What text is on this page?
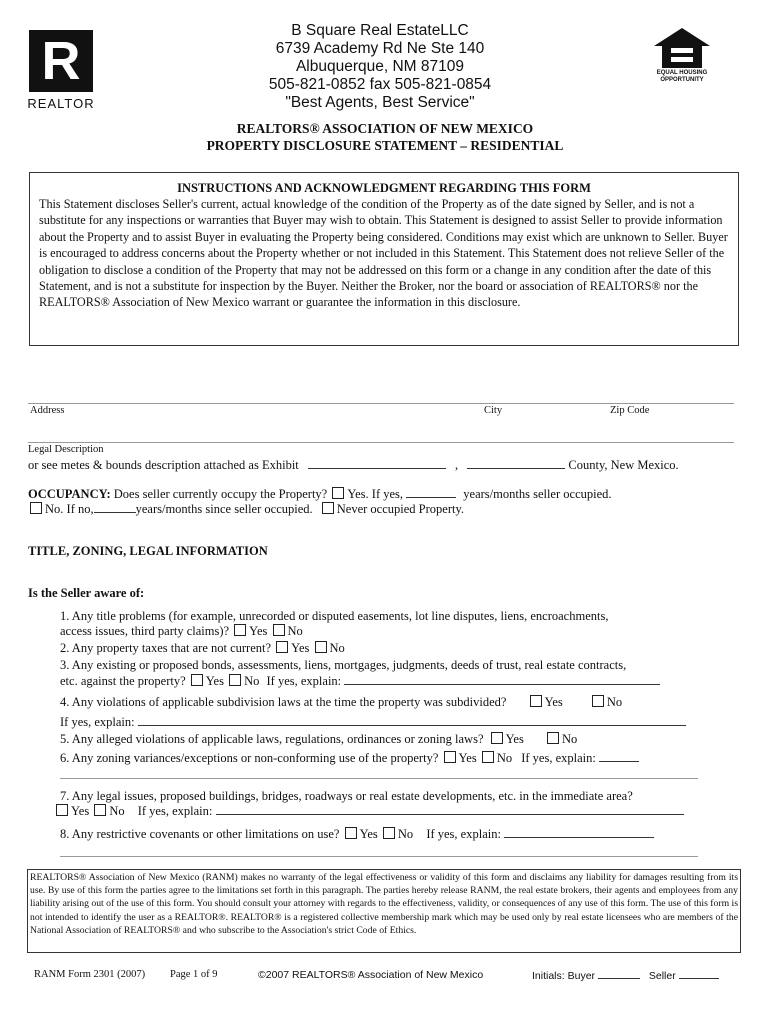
R
REALTOR
EQUAL HOUSING OPPORTUNITY
B Square Real EstateLLC
6739 Academy Rd Ne Ste 140
Albuquerque, NM 87109
505-821-0852 fax 505-821-0854
"Best Agents, Best Service"
REALTORS® ASSOCIATION OF NEW MEXICO
PROPERTY DISCLOSURE STATEMENT – RESIDENTIAL
INSTRUCTIONS AND ACKNOWLEDGMENT REGARDING THIS FORM
This Statement discloses Seller's current, actual knowledge of the condition of the Property as of the date signed by Seller, and is not a substitute for any inspections or warranties that Buyer may wish to obtain. This Statement is designed to assist Seller to provide information about the Property and to assist Buyer in evaluating the Property being considered. Conditions may exist which are unknown to Seller. Buyer is encouraged to address concerns about the Property whether or not included in this Statement. This Statement does not relieve Seller of the obligation to disclose a condition of the Property that may not be addressed on this form or a change in any condition after the date of this Statement, and is not a substitute for inspection by the Buyer. Neither the Broker, nor the board or association of REALTORS® nor the REALTORS® Association of New Mexico warrant or guarantee the information in this disclosure.
Address	City	Zip Code
Legal Description
or see metes & bounds description attached as Exhibit	,	County, New Mexico.
OCCUPANCY: Does seller currently occupy the Property? Yes. If yes,	years/months seller occupied.
No. If no,	years/months since seller occupied. Never occupied Property.
TITLE, ZONING, LEGAL INFORMATION
Is the Seller aware of:
1. Any title problems (for example, unrecorded or disputed easements, lot line disputes, liens, encroachments,
access issues, third party claims)? Yes No
2. Any property taxes that are not current? Yes No
3. Any existing or proposed bonds, assessments, liens, mortgages, judgments, deeds of trust, real estate contracts,
etc. against the property? Yes No If yes, explain:
4. Any violations of applicable subdivision laws at the time the property was subdivided?	Yes	No
If yes, explain:
5. Any alleged violations of applicable laws, regulations, ordinances or zoning laws? Yes	No
6. Any zoning variances/exceptions or non-conforming use of the property? Yes No If yes, explain:
7. Any legal issues, proposed buildings, bridges, roadways or real estate developments, etc. in the immediate area?
Yes No If yes, explain:
8. Any restrictive covenants or other limitations on use? Yes No If yes, explain:
REALTORS® Association of New Mexico (RANM) makes no warranty of the legal effectiveness or validity of this form and disclaims any liability for damages resulting from its use. By use of this form the parties agree to the limitations set forth in this paragraph. The parties hereby release RANM, the real estate brokers, their agents and employees from any liability arising out of the use of this form. You should consult your attorney with regards to the effectiveness, validity, or consequences of any use of this form. The use of this form is not intended to identify the user as a REALTOR®. REALTOR® is a registered collective membership mark which may be used only by real estate licensees who are members of the National Association of REALTORS® and who subscribe to the Association's strict Code of Ethics.
RANM Form 2301 (2007) Page 1 of 9	©2007 REALTORS® Association of New Mexico	Initials: Buyer	Seller
